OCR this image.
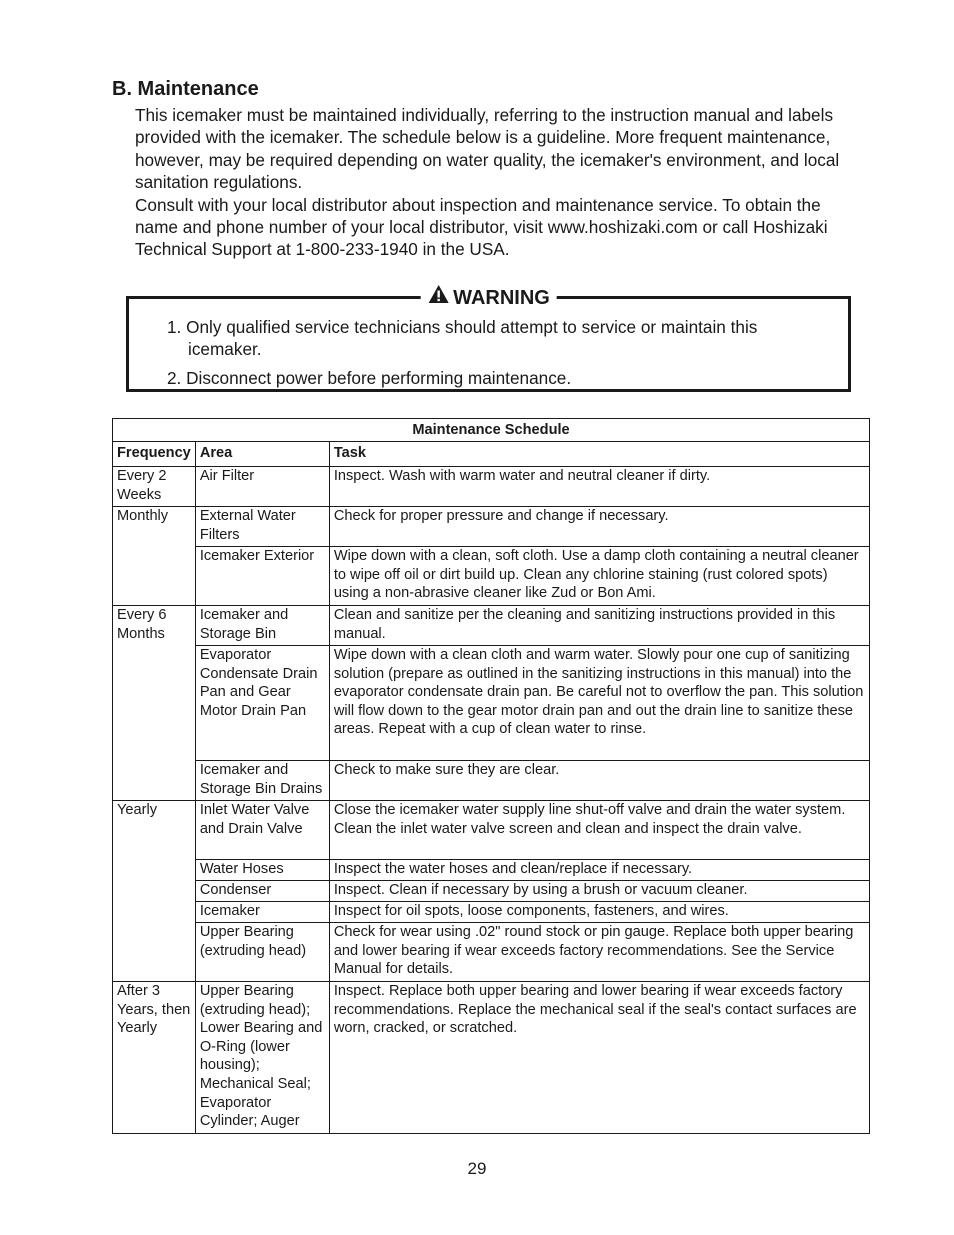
B. Maintenance

This icemaker must be maintained individually, referring to the instruction manual and labels provided with the icemaker. The schedule below is a guideline. More frequent maintenance, however, may be required depending on water quality, the icemaker's environment, and local sanitation regulations.

Consult with your local distributor about inspection and maintenance service. To obtain the name and phone number of your local distributor, visit www.hoshizaki.com or call Hoshizaki Technical Support at 1-800-233-1940 in the USA.

WARNING
1. Only qualified service technicians should attempt to service or maintain this icemaker.
2. Disconnect power before performing maintenance.
Maintenance Schedule		
Frequency	Area	Task
Every 2 Weeks	Air Filter	Inspect. Wash with warm water and neutral cleaner if dirty.
Monthly	External Water Filters	Check for proper pressure and change if necessary.
	Icemaker Exterior	Wipe down with a clean, soft cloth. Use a damp cloth containing a neutral cleaner to wipe off oil or dirt build up. Clean any chlorine staining (rust colored spots) using a non-abrasive cleaner like Zud or Bon Ami.
Every 6 Months	Icemaker and Storage Bin	Clean and sanitize per the cleaning and sanitizing instructions provided in this manual.
	Evaporator Condensate Drain Pan and Gear Motor Drain Pan	Wipe down with a clean cloth and warm water. Slowly pour one cup of sanitizing solution (prepare as outlined in the sanitizing instructions in this manual) into the evaporator condensate drain pan. Be careful not to overflow the pan. This solution will flow down to the gear motor drain pan and out the drain line to sanitize these areas. Repeat with a cup of clean water to rinse.
	Icemaker and Storage Bin Drains	Check to make sure they are clear.
Yearly	Inlet Water Valve and Drain Valve	Close the icemaker water supply line shut-off valve and drain the water system. Clean the inlet water valve screen and clean and inspect the drain valve.
	Water Hoses	Inspect the water hoses and clean/replace if necessary.
	Condenser	Inspect. Clean if necessary by using a brush or vacuum cleaner.
	Icemaker	Inspect for oil spots, loose components, fasteners, and wires.
	Upper Bearing (extruding head)	Check for wear using .02" round stock or pin gauge. Replace both upper bearing and lower bearing if wear exceeds factory recommendations. See the Service Manual for details.
After 3 Years, then Yearly	Upper Bearing (extruding head); Lower Bearing and O-Ring (lower housing); Mechanical Seal; Evaporator Cylinder; Auger	Inspect. Replace both upper bearing and lower bearing if wear exceeds factory recommendations. Replace the mechanical seal if the seal's contact surfaces are worn, cracked, or scratched.
29
